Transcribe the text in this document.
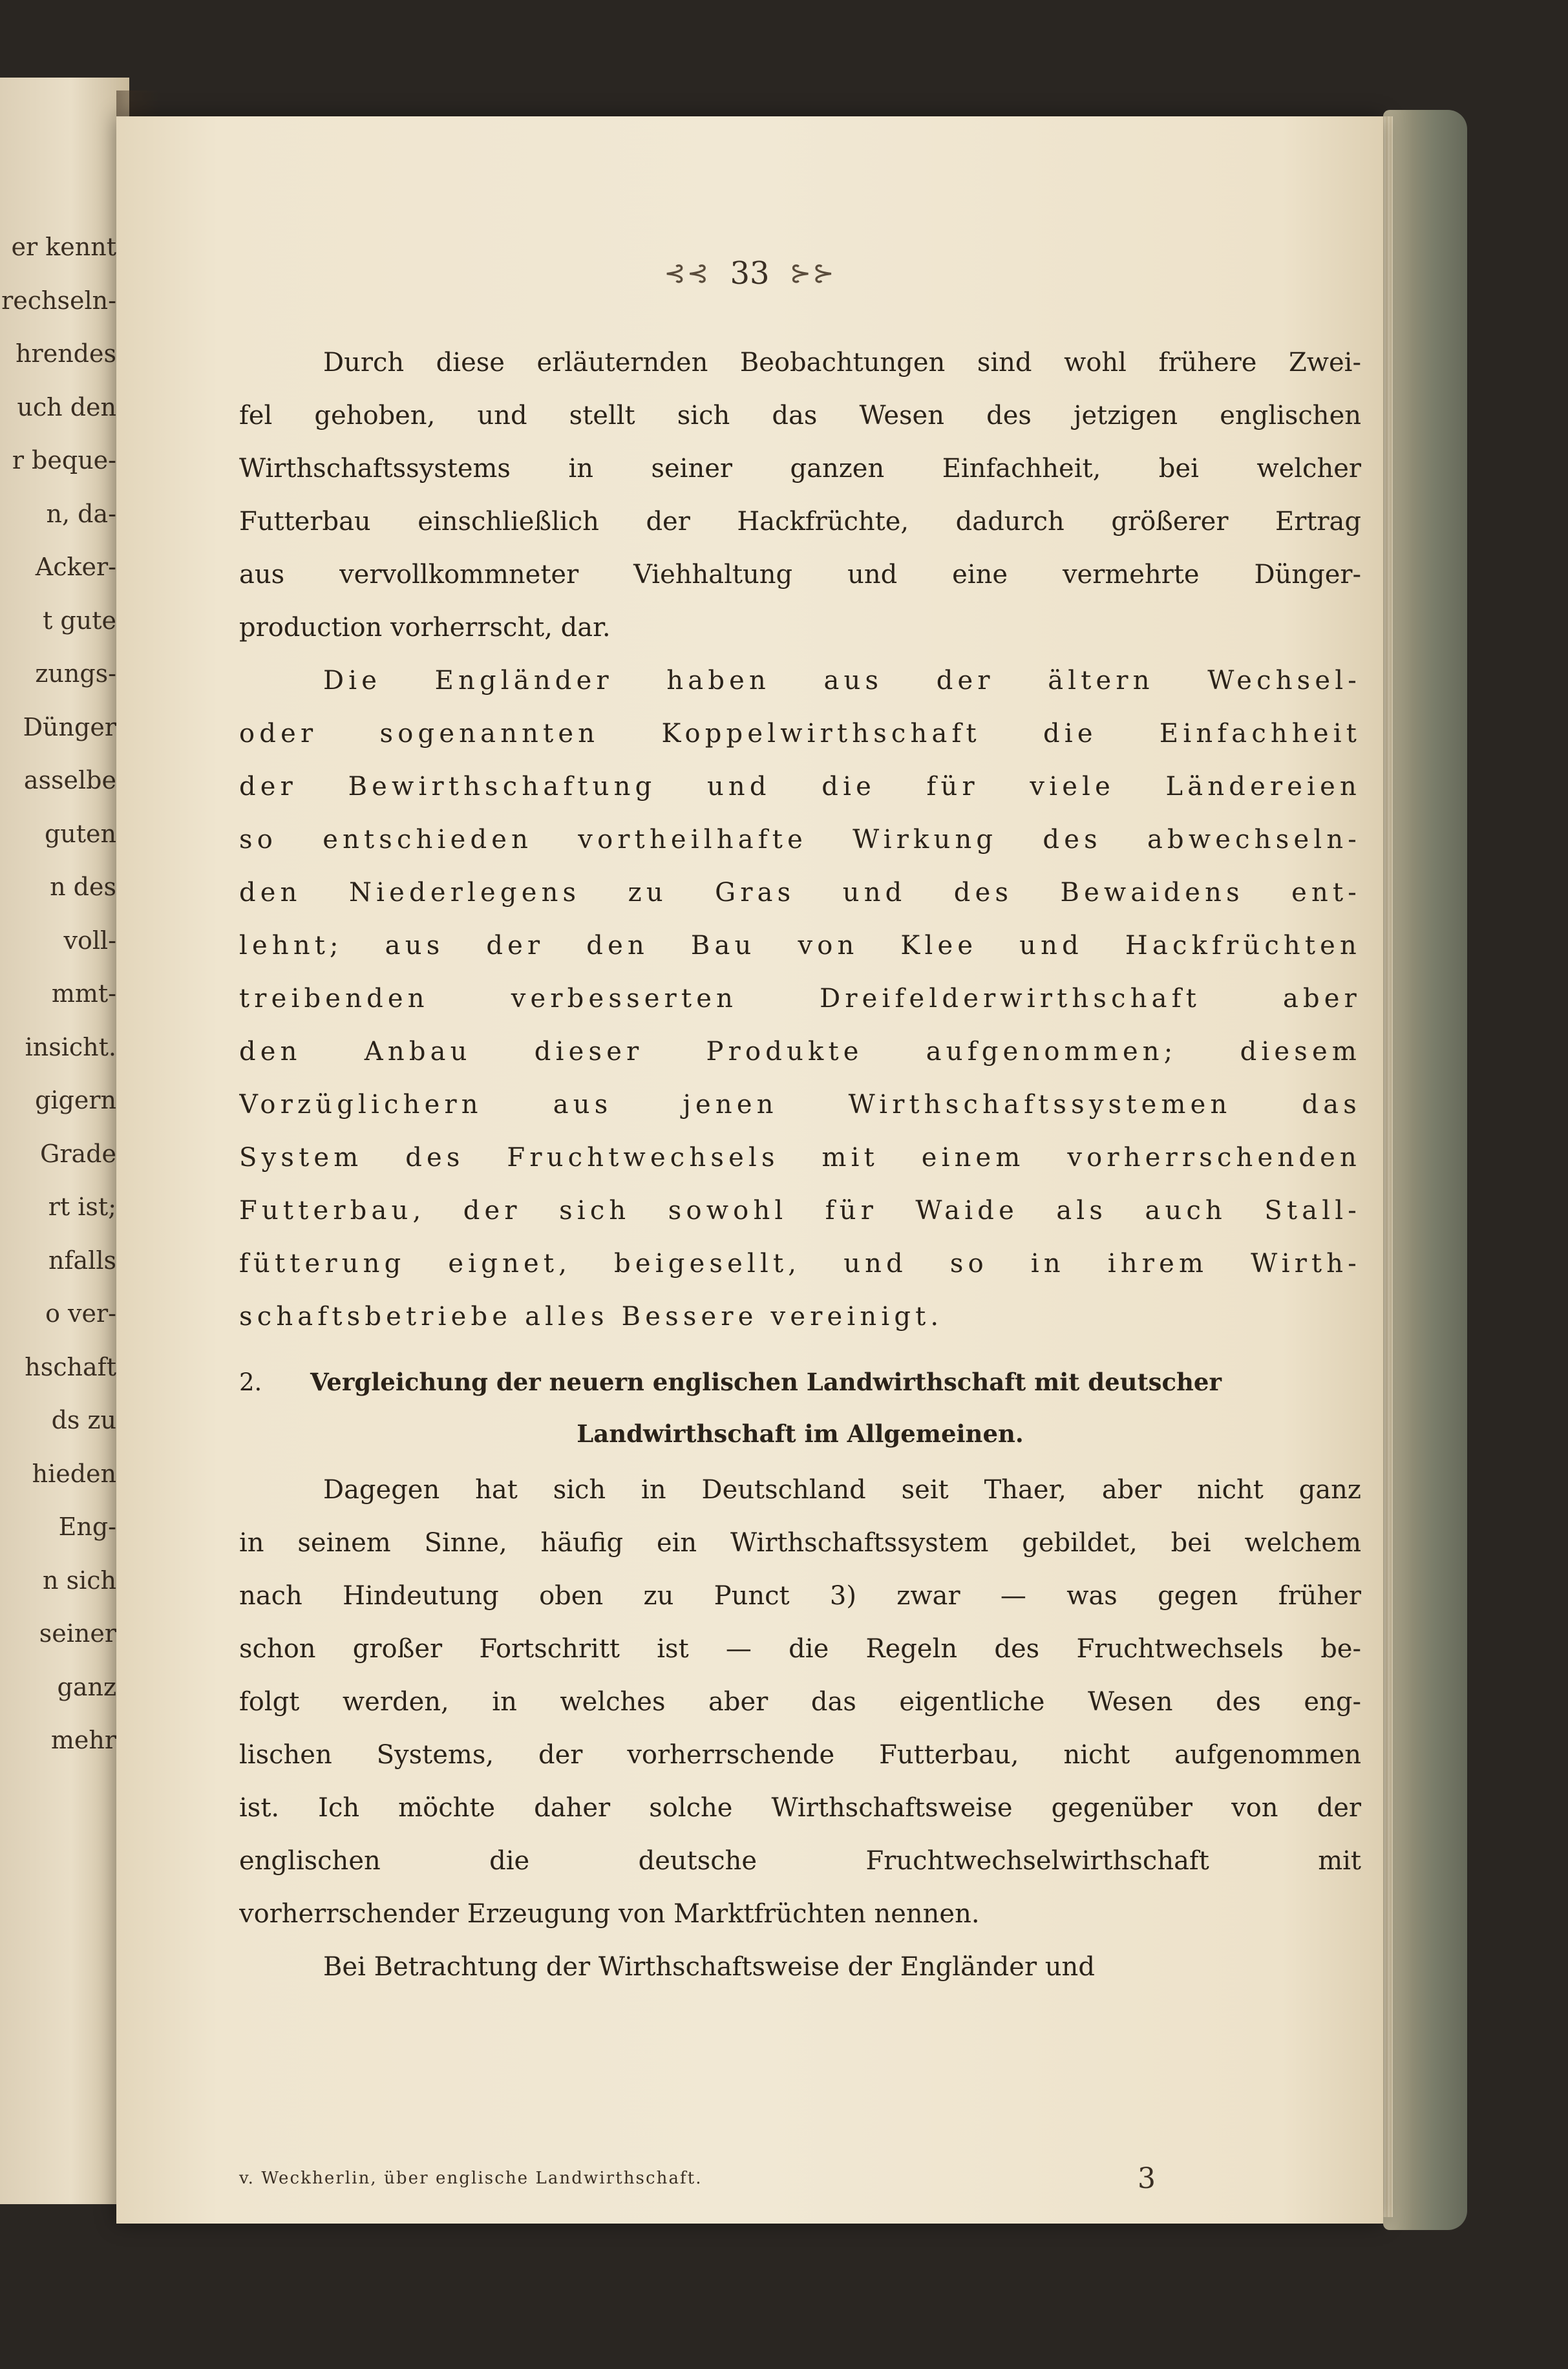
er kennt
rechseln-
hrendes
uch den
r beque-
n, da-
Acker-
t gute
zungs-
Dünger
asselbe
guten
n des
voll-
mmt-
insicht.
gigern
Grade
rt ist;
nfalls
o ver-
hschaft
ds zu
hieden
Eng-
n sich
seiner
ganz
mehr
⊰⊰ 33 ⊱⊱
Durch diese erläuternden Beobachtungen sind wohl frühere Zwei-
fel gehoben, und stellt sich das Wesen des jetzigen englischen
Wirthschaftssystems in seiner ganzen Einfachheit, bei welcher
Futterbau einschließlich der Hackfrüchte, dadurch größerer Ertrag
aus vervollkommneter Viehhaltung und eine vermehrte Dünger-
production vorherrscht, dar.
Die Engländer haben aus der ältern Wechsel-
oder sogenannten Koppelwirthschaft die Einfachheit
der Bewirthschaftung und die für viele Ländereien
so entschieden vortheilhafte Wirkung des abwechseln-
den Niederlegens zu Gras und des Bewaidens ent-
lehnt; aus der den Bau von Klee und Hackfrüchten
treibenden verbesserten Dreifelderwirthschaft aber
den Anbau dieser Produkte aufgenommen; diesem
Vorzüglichern aus jenen Wirthschaftssystemen das
System des Fruchtwechsels mit einem vorherrschenden
Futterbau, der sich sowohl für Waide als auch Stall-
fütterung eignet, beigesellt, und so in ihrem Wirth-
schaftsbetriebe alles Bessere vereinigt.
2. Vergleichung der neuern englischen Landwirthschaft mit deutscher
Landwirthschaft im Allgemeinen.
Dagegen hat sich in Deutschland seit Thaer, aber nicht ganz
in seinem Sinne, häufig ein Wirthschaftssystem gebildet, bei welchem
nach Hindeutung oben zu Punct 3) zwar — was gegen früher
schon großer Fortschritt ist — die Regeln des Fruchtwechsels be-
folgt werden, in welches aber das eigentliche Wesen des eng-
lischen Systems, der vorherrschende Futterbau, nicht aufgenommen
ist. Ich möchte daher solche Wirthschaftsweise gegenüber von der
englischen die deutsche Fruchtwechselwirthschaft mit
vorherrschender Erzeugung von Marktfrüchten nennen.
Bei Betrachtung der Wirthschaftsweise der Engländer und
v. Weckherlin, über englische Landwirthschaft.	3
